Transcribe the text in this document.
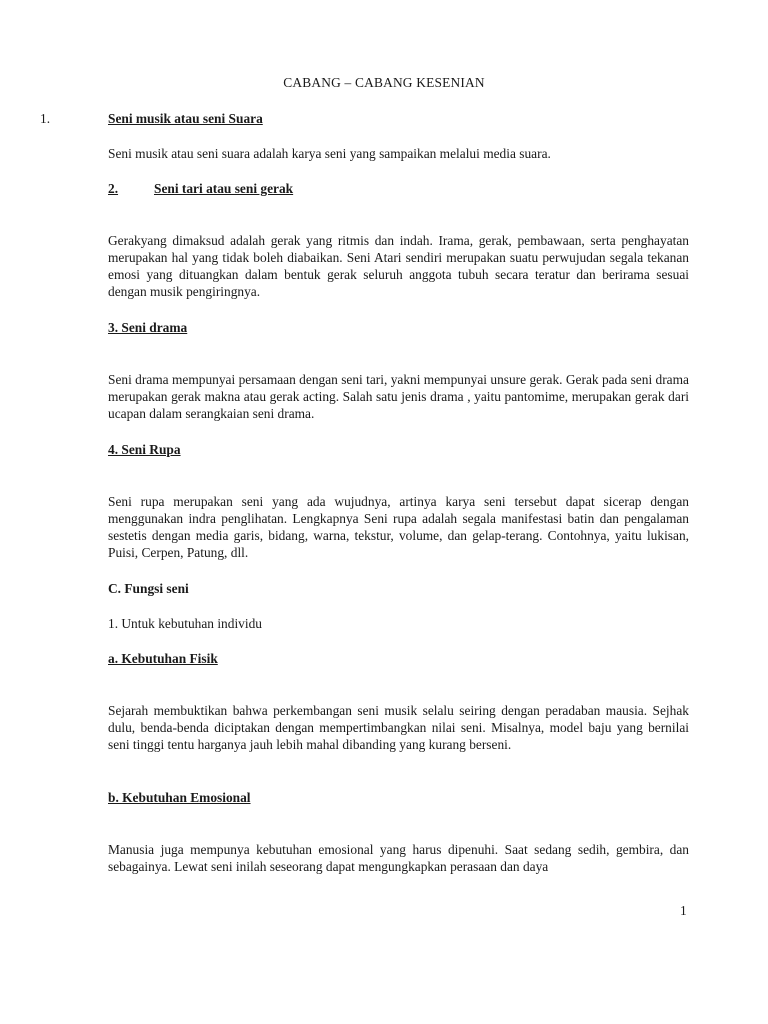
CABANG – CABANG KESENIAN

1.	Seni musik atau seni Suara

Seni musik atau seni suara adalah karya seni yang sampaikan melalui media suara.

2.	Seni tari atau seni gerak

Gerakyang dimaksud adalah gerak yang ritmis dan indah. Irama, gerak, pembawaan, serta penghayatan merupakan hal yang tidak boleh diabaikan. Seni Atari sendiri merupakan suatu perwujudan segala tekanan emosi yang dituangkan dalam bentuk gerak seluruh anggota tubuh secara teratur dan berirama sesuai dengan musik pengiringnya.

3. Seni drama

Seni drama mempunyai persamaan dengan seni tari, yakni mempunyai unsure gerak. Gerak pada seni drama merupakan gerak makna atau gerak acting. Salah satu jenis drama , yaitu pantomime, merupakan gerak dari ucapan dalam serangkaian seni drama.

4. Seni Rupa

Seni rupa merupakan seni yang ada wujudnya, artinya karya seni tersebut dapat sicerap dengan menggunakan indra penglihatan. Lengkapnya Seni rupa adalah segala manifestasi batin dan pengalaman sestetis dengan media garis, bidang, warna, tekstur, volume, dan gelap-terang. Contohnya, yaitu lukisan, Puisi, Cerpen, Patung, dll.

C. Fungsi seni

1. Untuk kebutuhan individu

a. Kebutuhan Fisik

Sejarah membuktikan bahwa perkembangan seni musik selalu seiring dengan peradaban mausia. Sejhak dulu, benda-benda diciptakan dengan mempertimbangkan nilai seni. Misalnya, model baju yang bernilai seni tinggi tentu harganya jauh lebih mahal dibanding yang kurang berseni.

b. Kebutuhan Emosional

Manusia juga mempunya kebutuhan emosional yang harus dipenuhi. Saat sedang sedih, gembira, dan sebagainya. Lewat seni inilah seseorang dapat mengungkapkan perasaan dan daya

1
